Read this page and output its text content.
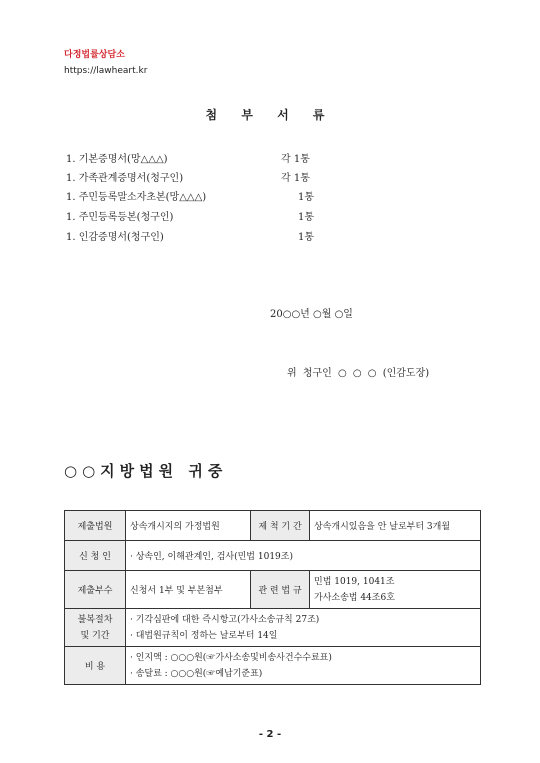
다정법률상담소
https://lawheart.kr
첨 부 서 류
1. 기본증명서(망△△△)	각 1통
1. 가족관계증명서(청구인)	각 1통
1. 주민등록말소자초본(망△△△)	1통
1. 주민등록등본(청구인)	1통
1. 인감증명서(청구인)	1통
20○○년 ○월 ○일
위 청구인 ○ ○ ○ (인감도장)
○○지방법원 귀중
제출법원	상속개시지의 가정법원	제 척 기 간	상속개시있음을 안 날로부터 3개월
신 청 인	· 상속인, 이해관계인, 검사(민법 1019조)		
제출부수	신청서 1부 및 부본첨부	관 련 법 규	민법 1019, 1041조
가사소송법 44조6호

불복절차
및 기간	· 기각심판에 대한 즉시항고(가사소송규칙 27조)
· 대법원규칙이 정하는 날로부터 14일		

비 용	· 인지액 : ○○○원(☞가사소송및비송사건수수료표)
· 송달료 : ○○○원(☞예납기준표)		
- 2 -
